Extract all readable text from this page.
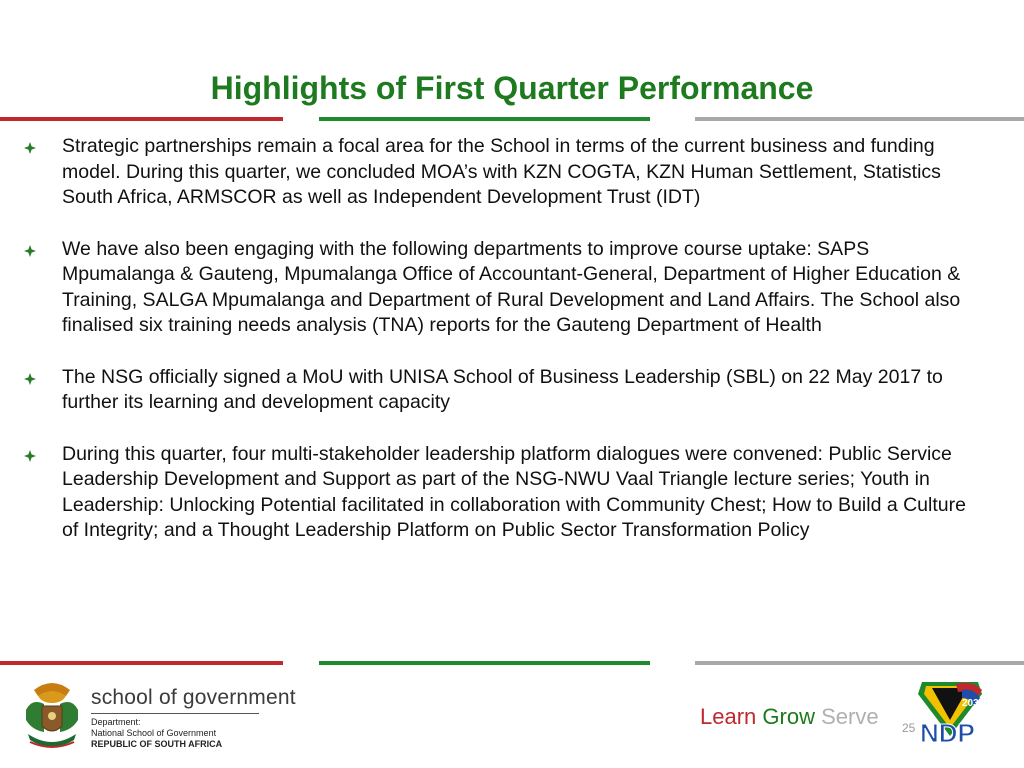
Highlights of First Quarter Performance
Strategic partnerships remain a focal area for the School in terms of the current business and funding model. During this quarter, we concluded MOA’s with KZN COGTA, KZN Human Settlement, Statistics South Africa, ARMSCOR as well as Independent Development Trust (IDT)
We have also been engaging with the following departments to improve course uptake: SAPS Mpumalanga & Gauteng, Mpumalanga Office of Accountant-General, Department of Higher Education & Training, SALGA Mpumalanga and Department of Rural Development and Land Affairs. The School also finalised six training needs analysis (TNA) reports for the Gauteng Department of Health
The NSG officially signed a MoU with UNISA School of Business Leadership (SBL) on 22 May 2017 to further its learning and development capacity
During this quarter, four multi-stakeholder leadership platform dialogues were convened: Public Service Leadership Development and Support as part of the NSG-NWU Vaal Triangle lecture series; Youth in Leadership: Unlocking Potential facilitated in collaboration with Community Chest; How to Build a Culture of Integrity; and a Thought Leadership Platform on Public Sector Transformation Policy
school of government
Department:
National School of Government
REPUBLIC OF SOUTH AFRICA
Learn Grow Serve 25
2030
NDP
